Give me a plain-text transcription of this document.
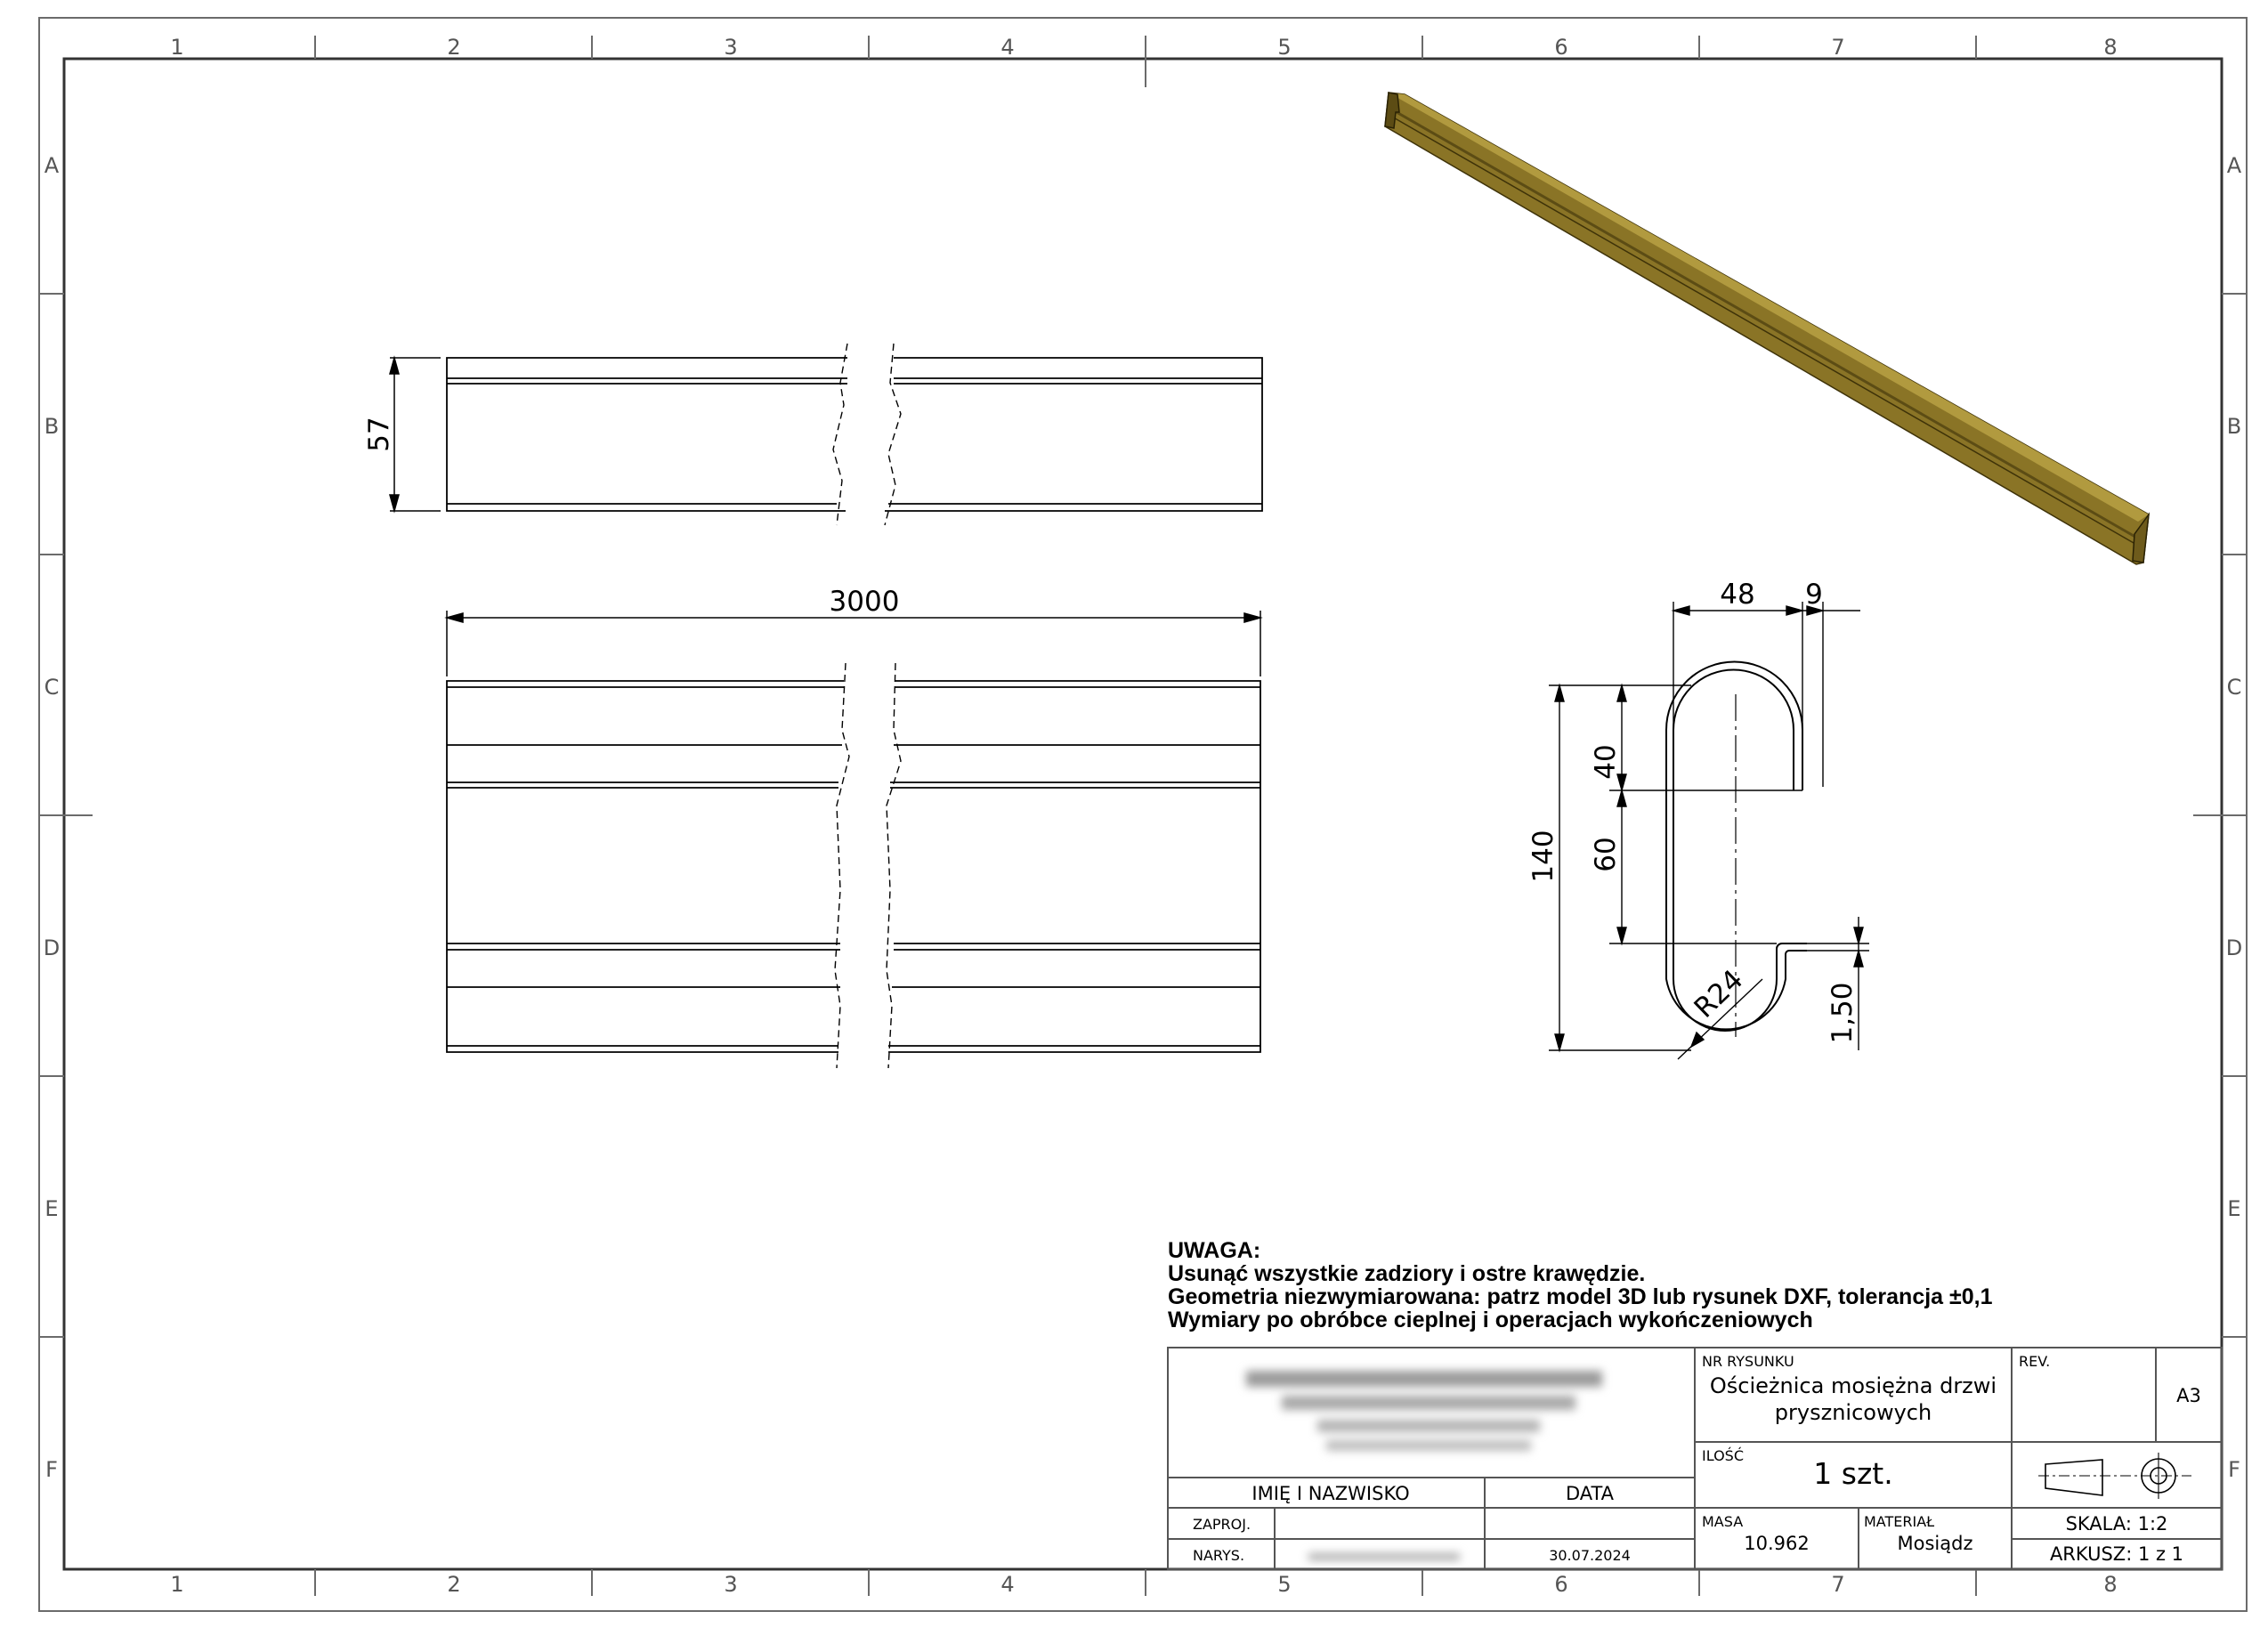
1	2	3	4	5	6	7	8
1	2	3	4	5	6	7	8
A
B
C
D
E
F
A
B
C
D
E
F
57
3000	48 9
140
40
60
R24	1,50
UWAGA:
Usunąć wszystkie zadziory i ostre krawędzie.
Geometria niezwymiarowana: patrz model 3D lub rysunek DXF, tolerancja ±0,1
Wymiary po obróbce cieplnej i operacjach wykończeniowych
IMIĘ I NAZWISKO	DATA
ZAPROJ.
NARYS.	30.07.2024
NR RYSUNKU
Ościeżnica mosiężna drzwi
prysznicowych
REV.
A3
ILOŚĆ
1 szt.
MASA
10.962
MATERIAŁ
Mosiądz
SKALA: 1:2
ARKUSZ: 1 z 1
